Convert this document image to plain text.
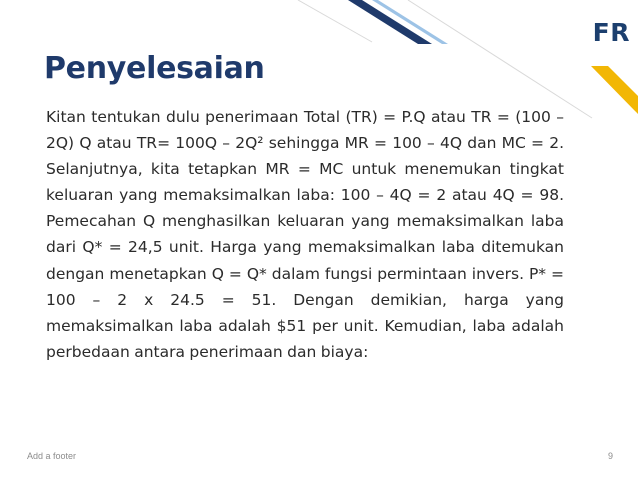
FR
Penyelesaian

Kitan tentukan dulu penerimaan Total (TR) = P.Q atau TR = (100 – 2Q) Q atau TR= 100Q – 2Q² sehingga MR = 100 – 4Q dan MC = 2. Selanjutnya, kita tetapkan MR = MC untuk menemukan tingkat keluaran yang memaksimalkan laba: 100 – 4Q = 2 atau 4Q = 98. Pemecahan Q menghasilkan keluaran yang memaksimalkan laba dari Q* = 24,5 unit. Harga yang memaksimalkan laba ditemukan dengan menetapkan Q = Q* dalam fungsi permintaan invers. P* = 100 – 2 x 24.5 = 51. Dengan demikian, harga yang memaksimalkan laba adalah $51 per unit. Kemudian, laba adalah perbedaan antara penerimaan dan biaya:

Add a footer	9
